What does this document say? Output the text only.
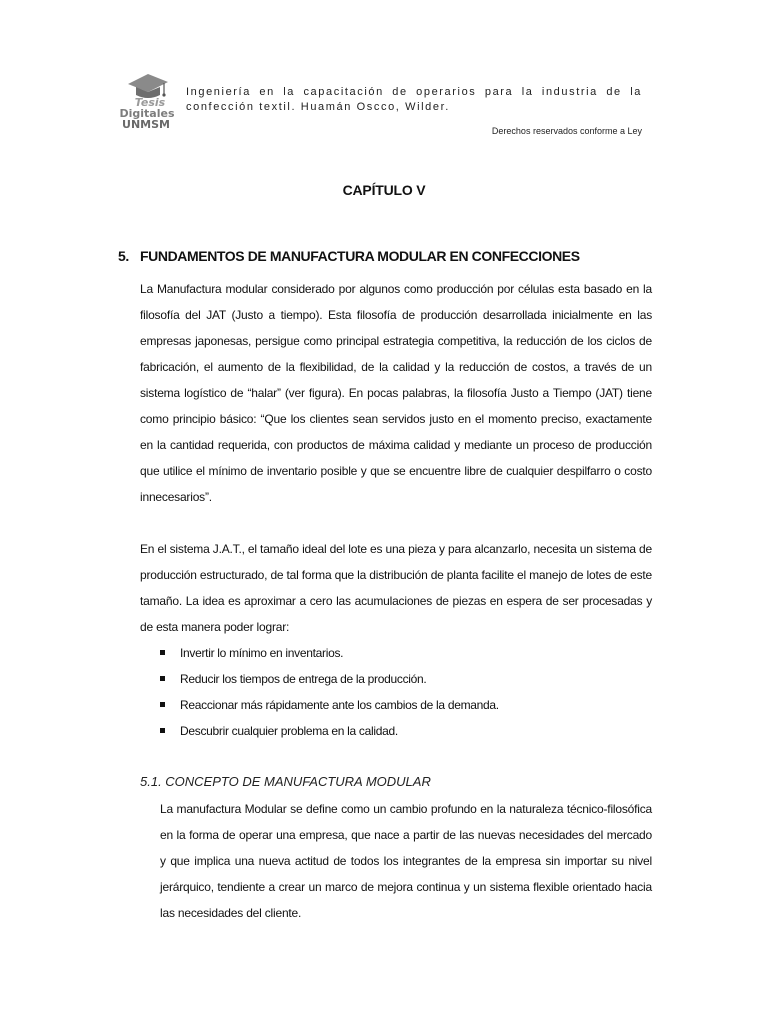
Tesis
Digitales
UNMSM
Ingeniería en la capacitación de operarios para la industria de la confección textil. Huamán Oscco, Wilder.
Derechos reservados conforme a Ley
CAPÍTULO V
5. FUNDAMENTOS DE MANUFACTURA MODULAR EN CONFECCIONES
La Manufactura modular considerado por algunos como producción por células esta basado en la filosofía del JAT (Justo a tiempo). Esta filosofía de producción desarrollada inicialmente en las empresas japonesas, persigue como principal estrategia competitiva, la reducción de los ciclos de fabricación, el aumento de la flexibilidad, de la calidad y la reducción de costos, a través de un sistema logístico de “halar” (ver figura). En pocas palabras, la filosofía Justo a Tiempo (JAT) tiene como principio básico: “Que los clientes sean servidos justo en el momento preciso, exactamente en la cantidad requerida, con productos de máxima calidad y mediante un proceso de producción que utilice el mínimo de inventario posible y que se encuentre libre de cualquier despilfarro o costo innecesarios”.
En el sistema J.A.T., el tamaño ideal del lote es una pieza y para alcanzarlo, necesita un sistema de producción estructurado, de tal forma que la distribución de planta facilite el manejo de lotes de este tamaño. La idea es aproximar a cero las acumulaciones de piezas en espera de ser procesadas y de esta manera poder lograr:
Invertir lo mínimo en inventarios.
Reducir los tiempos de entrega de la producción.
Reaccionar más rápidamente ante los cambios de la demanda.
Descubrir cualquier problema en la calidad.
5.1. CONCEPTO DE MANUFACTURA MODULAR
La manufactura Modular se define como un cambio profundo en la naturaleza técnico-filosófica en la forma de operar una empresa, que nace a partir de las nuevas necesidades del mercado y que implica una nueva actitud de todos los integrantes de la empresa sin importar su nivel jerárquico, tendiente a crear un marco de mejora continua y un sistema flexible orientado hacia las necesidades del cliente.
